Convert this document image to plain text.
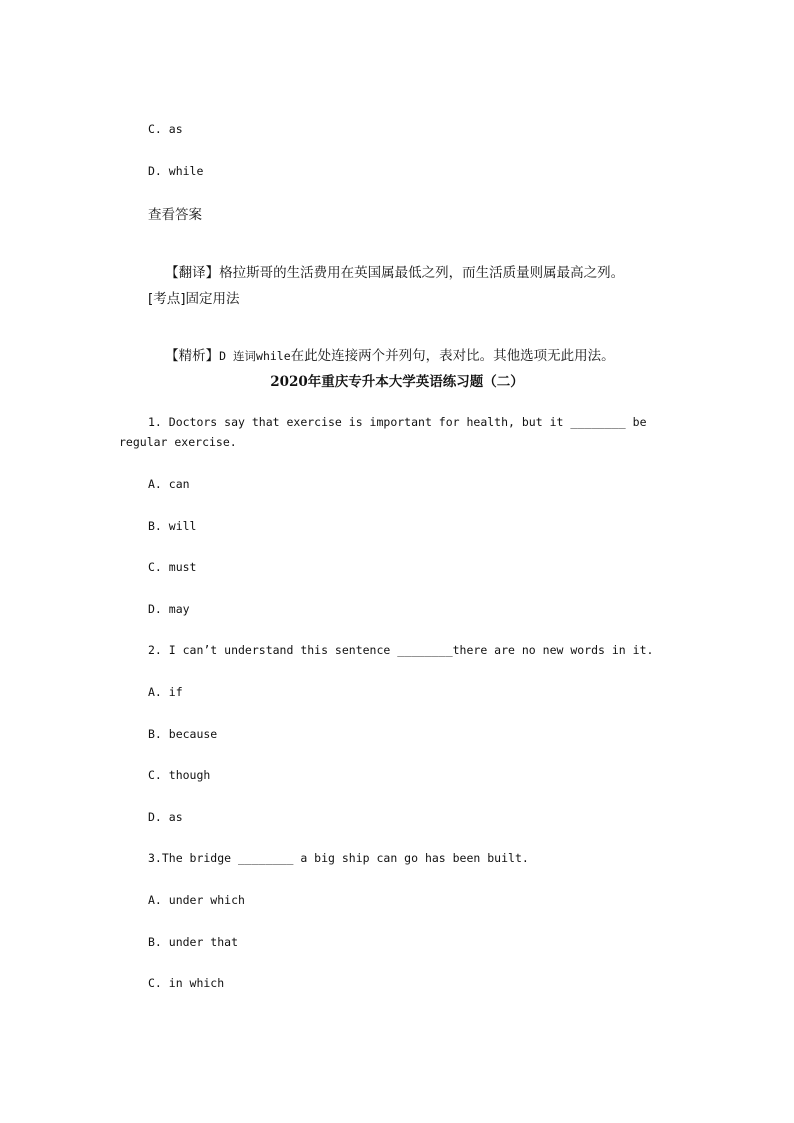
C. as
D. while
查看答案

【翻译】格拉斯哥的生活费用在英国属最低之列，而生活质量则属最高之列。

[考点]固定用法

【精析】D 连词while在此处连接两个并列句，表对比。其他选项无此用法。

2020年重庆专升本大学英语练习题（二）
1. Doctors say that exercise is important for health, but it ________ be
regular exercise.
A. can
B. will
C. must
D. may
2. I can’t understand this sentence ________there are no new words in it.
A. if
B. because
C. though
D. as
3.The bridge ________ a big ship can go has been built.
A. under which
B. under that
C. in which
